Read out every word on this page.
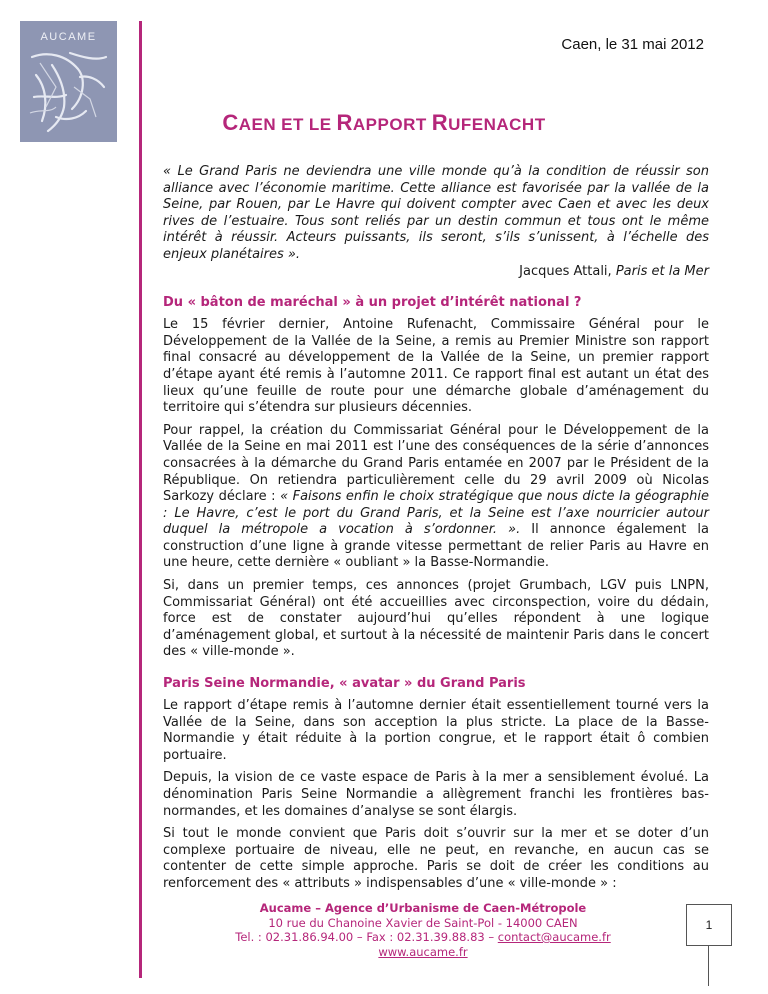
AUCAME	Caen, le 31 mai 2012
CAEN ET LE RAPPORT RUFENACHT

« Le Grand Paris ne deviendra une ville monde qu’à la condition de réussir son alliance avec l’économie maritime. Cette alliance est favorisée par la vallée de la Seine, par Rouen, par Le Havre qui doivent compter avec Caen et avec les deux rives de l’estuaire. Tous sont reliés par un destin commun et tous ont le même intérêt à réussir. Acteurs puissants, ils seront, s’ils s’unissent, à l’échelle des enjeux planétaires ».

Jacques Attali, Paris et la Mer

Du « bâton de maréchal » à un projet d’intérêt national ?

Le 15 février dernier, Antoine Rufenacht, Commissaire Général pour le Développement de la Vallée de la Seine, a remis au Premier Ministre son rapport final consacré au développement de la Vallée de la Seine, un premier rapport d’étape ayant été remis à l’automne 2011. Ce rapport final est autant un état des lieux qu’une feuille de route pour une démarche globale d’aménagement du territoire qui s’étendra sur plusieurs décennies.

Pour rappel, la création du Commissariat Général pour le Développement de la Vallée de la Seine en mai 2011 est l’une des conséquences de la série d’annonces consacrées à la démarche du Grand Paris entamée en 2007 par le Président de la République. On retiendra particulièrement celle du 29 avril 2009 où Nicolas Sarkozy déclare : « Faisons enfin le choix stratégique que nous dicte la géographie : Le Havre, c’est le port du Grand Paris, et la Seine est l’axe nourricier autour duquel la métropole a vocation à s’ordonner. ». Il annonce également la construction d’une ligne à grande vitesse permettant de relier Paris au Havre en une heure, cette dernière « oubliant » la Basse-Normandie.

Si, dans un premier temps, ces annonces (projet Grumbach, LGV puis LNPN, Commissariat Général) ont été accueillies avec circonspection, voire du dédain, force est de constater aujourd’hui qu’elles répondent à une logique d’aménagement global, et surtout à la nécessité de maintenir Paris dans le concert des « ville-monde ».

Paris Seine Normandie, « avatar » du Grand Paris

Le rapport d’étape remis à l’automne dernier était essentiellement tourné vers la Vallée de la Seine, dans son acception la plus stricte. La place de la Basse-Normandie y était réduite à la portion congrue, et le rapport était ô combien portuaire.

Depuis, la vision de ce vaste espace de Paris à la mer a sensiblement évolué. La dénomination Paris Seine Normandie a allègrement franchi les frontières bas-normandes, et les domaines d’analyse se sont élargis.

Si tout le monde convient que Paris doit s’ouvrir sur la mer et se doter d’un complexe portuaire de niveau, elle ne peut, en revanche, en aucun cas se contenter de cette simple approche. Paris se doit de créer les conditions au renforcement des « attributs » indispensables d’une « ville-monde » :

Aucame – Agence d’Urbanisme de Caen-Métropole
10 rue du Chanoine Xavier de Saint-Pol - 14000 CAEN
Tel. : 02.31.86.94.00 – Fax : 02.31.39.88.83 – contact@aucame.fr
www.aucame.fr
1
